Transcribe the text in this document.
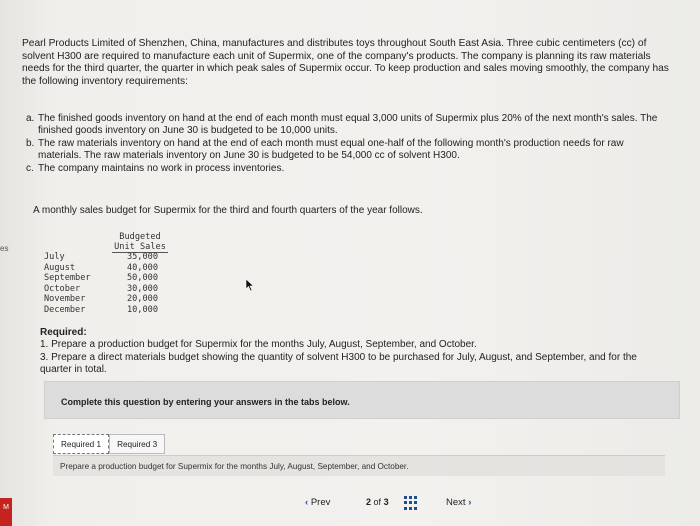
Pearl Products Limited of Shenzhen, China, manufactures and distributes toys throughout South East Asia. Three cubic centimeters (cc) of solvent H300 are required to manufacture each unit of Supermix, one of the company's products. The company is planning its raw materials needs for the third quarter, the quarter in which peak sales of Supermix occur. To keep production and sales moving smoothly, the company has the following inventory requirements:
a. The finished goods inventory on hand at the end of each month must equal 3,000 units of Supermix plus 20% of the next month's sales. The finished goods inventory on June 30 is budgeted to be 10,000 units.
b. The raw materials inventory on hand at the end of each month must equal one-half of the following month's production needs for raw materials. The raw materials inventory on June 30 is budgeted to be 54,000 cc of solvent H300.
c. The company maintains no work in process inventories.
A monthly sales budget for Supermix for the third and fourth quarters of the year follows.
es
Budgeted
Unit Sales
July	35,000
August	40,000
September	50,000
October	30,000
November	20,000
December	10,000
Required:
1. Prepare a production budget for Supermix for the months July, August, September, and October.
3. Prepare a direct materials budget showing the quantity of solvent H300 to be purchased for July, August, and September, and for the quarter in total.
Complete this question by entering your answers in the tabs below.
Required 1	Required 3
Prepare a production budget for Supermix for the months July, August, September, and October.
‹ Prev	2 of 3	Next ›
M
